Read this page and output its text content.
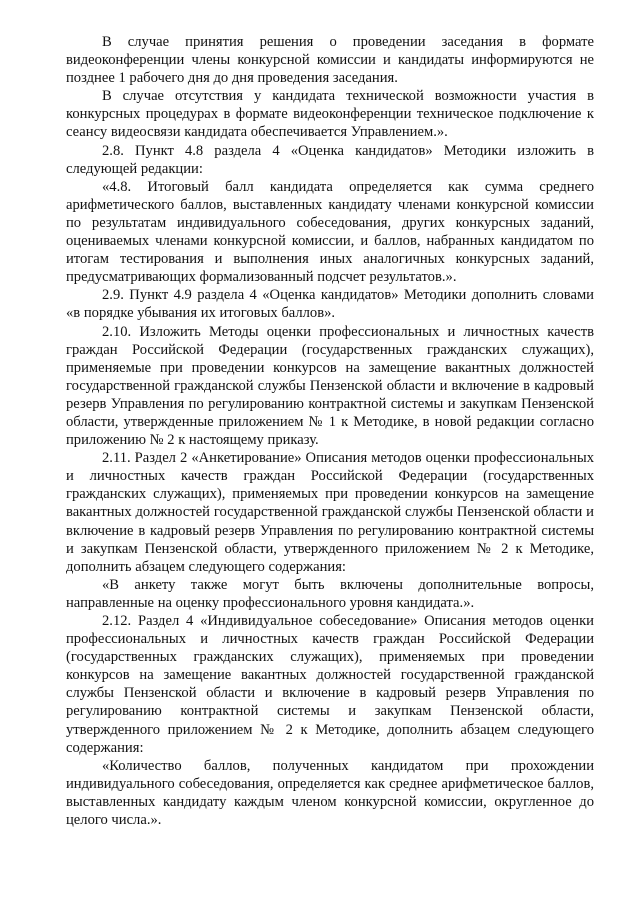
В случае принятия решения о проведении заседания в формате видеоконференции члены конкурсной комиссии и кандидаты информируются не позднее 1 рабочего дня до дня проведения заседания.

В случае отсутствия у кандидата технической возможности участия в конкурсных процедурах в формате видеоконференции техническое подключение к сеансу видеосвязи кандидата обеспечивается Управлением.».

2.8. Пункт 4.8 раздела 4 «Оценка кандидатов» Методики изложить в следующей редакции:

«4.8. Итоговый балл кандидата определяется как сумма среднего арифметического баллов, выставленных кандидату членами конкурсной комиссии по результатам индивидуального собеседования, других конкурсных заданий, оцениваемых членами конкурсной комиссии, и баллов, набранных кандидатом по итогам тестирования и выполнения иных аналогичных конкурсных заданий, предусматривающих формализованный подсчет результатов.».

2.9. Пункт 4.9 раздела 4 «Оценка кандидатов» Методики дополнить словами «в порядке убывания их итоговых баллов».

2.10. Изложить Методы оценки профессиональных и личностных качеств граждан Российской Федерации (государственных гражданских служащих), применяемые при проведении конкурсов на замещение вакантных должностей государственной гражданской службы Пензенской области и включение в кадровый резерв Управления по регулированию контрактной системы и закупкам Пензенской области, утвержденные приложением № 1 к Методике, в новой редакции согласно приложению № 2 к настоящему приказу.

2.11. Раздел 2 «Анкетирование» Описания методов оценки профессиональных и личностных качеств граждан Российской Федерации (государственных гражданских служащих), применяемых при проведении конкурсов на замещение вакантных должностей государственной гражданской службы Пензенской области и включение в кадровый резерв Управления по регулированию контрактной системы и закупкам Пензенской области, утвержденного приложением № 2 к Методике, дополнить абзацем следующего содержания:

«В анкету также могут быть включены дополнительные вопросы, направленные на оценку профессионального уровня кандидата.».

2.12. Раздел 4 «Индивидуальное собеседование» Описания методов оценки профессиональных и личностных качеств граждан Российской Федерации (государственных гражданских служащих), применяемых при проведении конкурсов на замещение вакантных должностей государственной гражданской службы Пензенской области и включение в кадровый резерв Управления по регулированию контрактной системы и закупкам Пензенской области, утвержденного приложением № 2 к Методике, дополнить абзацем следующего содержания:

«Количество баллов, полученных кандидатом при прохождении индивидуального собеседования, определяется как среднее арифметическое баллов, выставленных кандидату каждым членом конкурсной комиссии, округленное до целого числа.».
